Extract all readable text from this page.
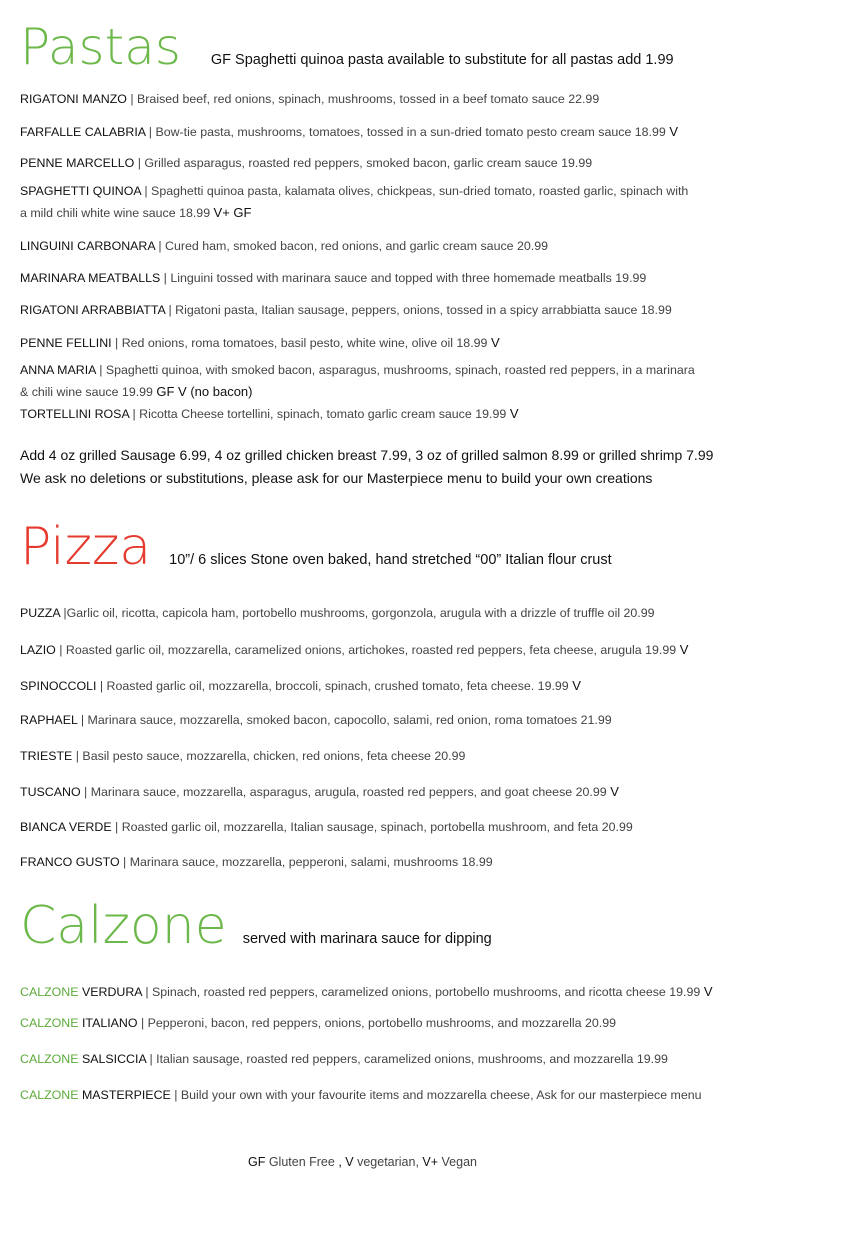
Pastas GF Spaghetti quinoa pasta available to substitute for all pastas add 1.99
RIGATONI MANZO | Braised beef, red onions, spinach, mushrooms, tossed in a beef tomato sauce 22.99
FARFALLE CALABRIA | Bow-tie pasta, mushrooms, tomatoes, tossed in a sun-dried tomato pesto cream sauce 18.99 V
PENNE MARCELLO | Grilled asparagus, roasted red peppers, smoked bacon, garlic cream sauce 19.99
SPAGHETTI QUINOA | Spaghetti quinoa pasta, kalamata olives, chickpeas, sun-dried tomato, roasted garlic, spinach with
a mild chili white wine sauce 18.99 V+ GF
LINGUINI CARBONARA | Cured ham, smoked bacon, red onions, and garlic cream sauce 20.99
MARINARA MEATBALLS | Linguini tossed with marinara sauce and topped with three homemade meatballs 19.99
RIGATONI ARRABBIATTA | Rigatoni pasta, Italian sausage, peppers, onions, tossed in a spicy arrabbiatta sauce 18.99
PENNE FELLINI | Red onions, roma tomatoes, basil pesto, white wine, olive oil 18.99 V
ANNA MARIA | Spaghetti quinoa, with smoked bacon, asparagus, mushrooms, spinach, roasted red peppers, in a marinara
& chili wine sauce 19.99 GF V (no bacon)
TORTELLINI ROSA | Ricotta Cheese tortellini, spinach, tomato garlic cream sauce 19.99 V
Add 4 oz grilled Sausage 6.99, 4 oz grilled chicken breast 7.99, 3 oz of grilled salmon 8.99 or grilled shrimp 7.99
We ask no deletions or substitutions, please ask for our Masterpiece menu to build your own creations
Pizza 10”/ 6 slices Stone oven baked, hand stretched “00” Italian flour crust
PUZZA |Garlic oil, ricotta, capicola ham, portobello mushrooms, gorgonzola, arugula with a drizzle of truffle oil 20.99
LAZIO | Roasted garlic oil, mozzarella, caramelized onions, artichokes, roasted red peppers, feta cheese, arugula 19.99 V
SPINOCCOLI | Roasted garlic oil, mozzarella, broccoli, spinach, crushed tomato, feta cheese. 19.99 V
RAPHAEL | Marinara sauce, mozzarella, smoked bacon, capocollo, salami, red onion, roma tomatoes 21.99
TRIESTE | Basil pesto sauce, mozzarella, chicken, red onions, feta cheese 20.99
TUSCANO | Marinara sauce, mozzarella, asparagus, arugula, roasted red peppers, and goat cheese 20.99 V
BIANCA VERDE | Roasted garlic oil, mozzarella, Italian sausage, spinach, portobella mushroom, and feta 20.99
FRANCO GUSTO | Marinara sauce, mozzarella, pepperoni, salami, mushrooms 18.99
Calzone served with marinara sauce for dipping
CALZONE VERDURA | Spinach, roasted red peppers, caramelized onions, portobello mushrooms, and ricotta cheese 19.99 V
CALZONE ITALIANO | Pepperoni, bacon, red peppers, onions, portobello mushrooms, and mozzarella 20.99
CALZONE SALSICCIA | Italian sausage, roasted red peppers, caramelized onions, mushrooms, and mozzarella 19.99
CALZONE MASTERPIECE | Build your own with your favourite items and mozzarella cheese, Ask for our masterpiece menu
GF Gluten Free , V vegetarian, V+ Vegan
